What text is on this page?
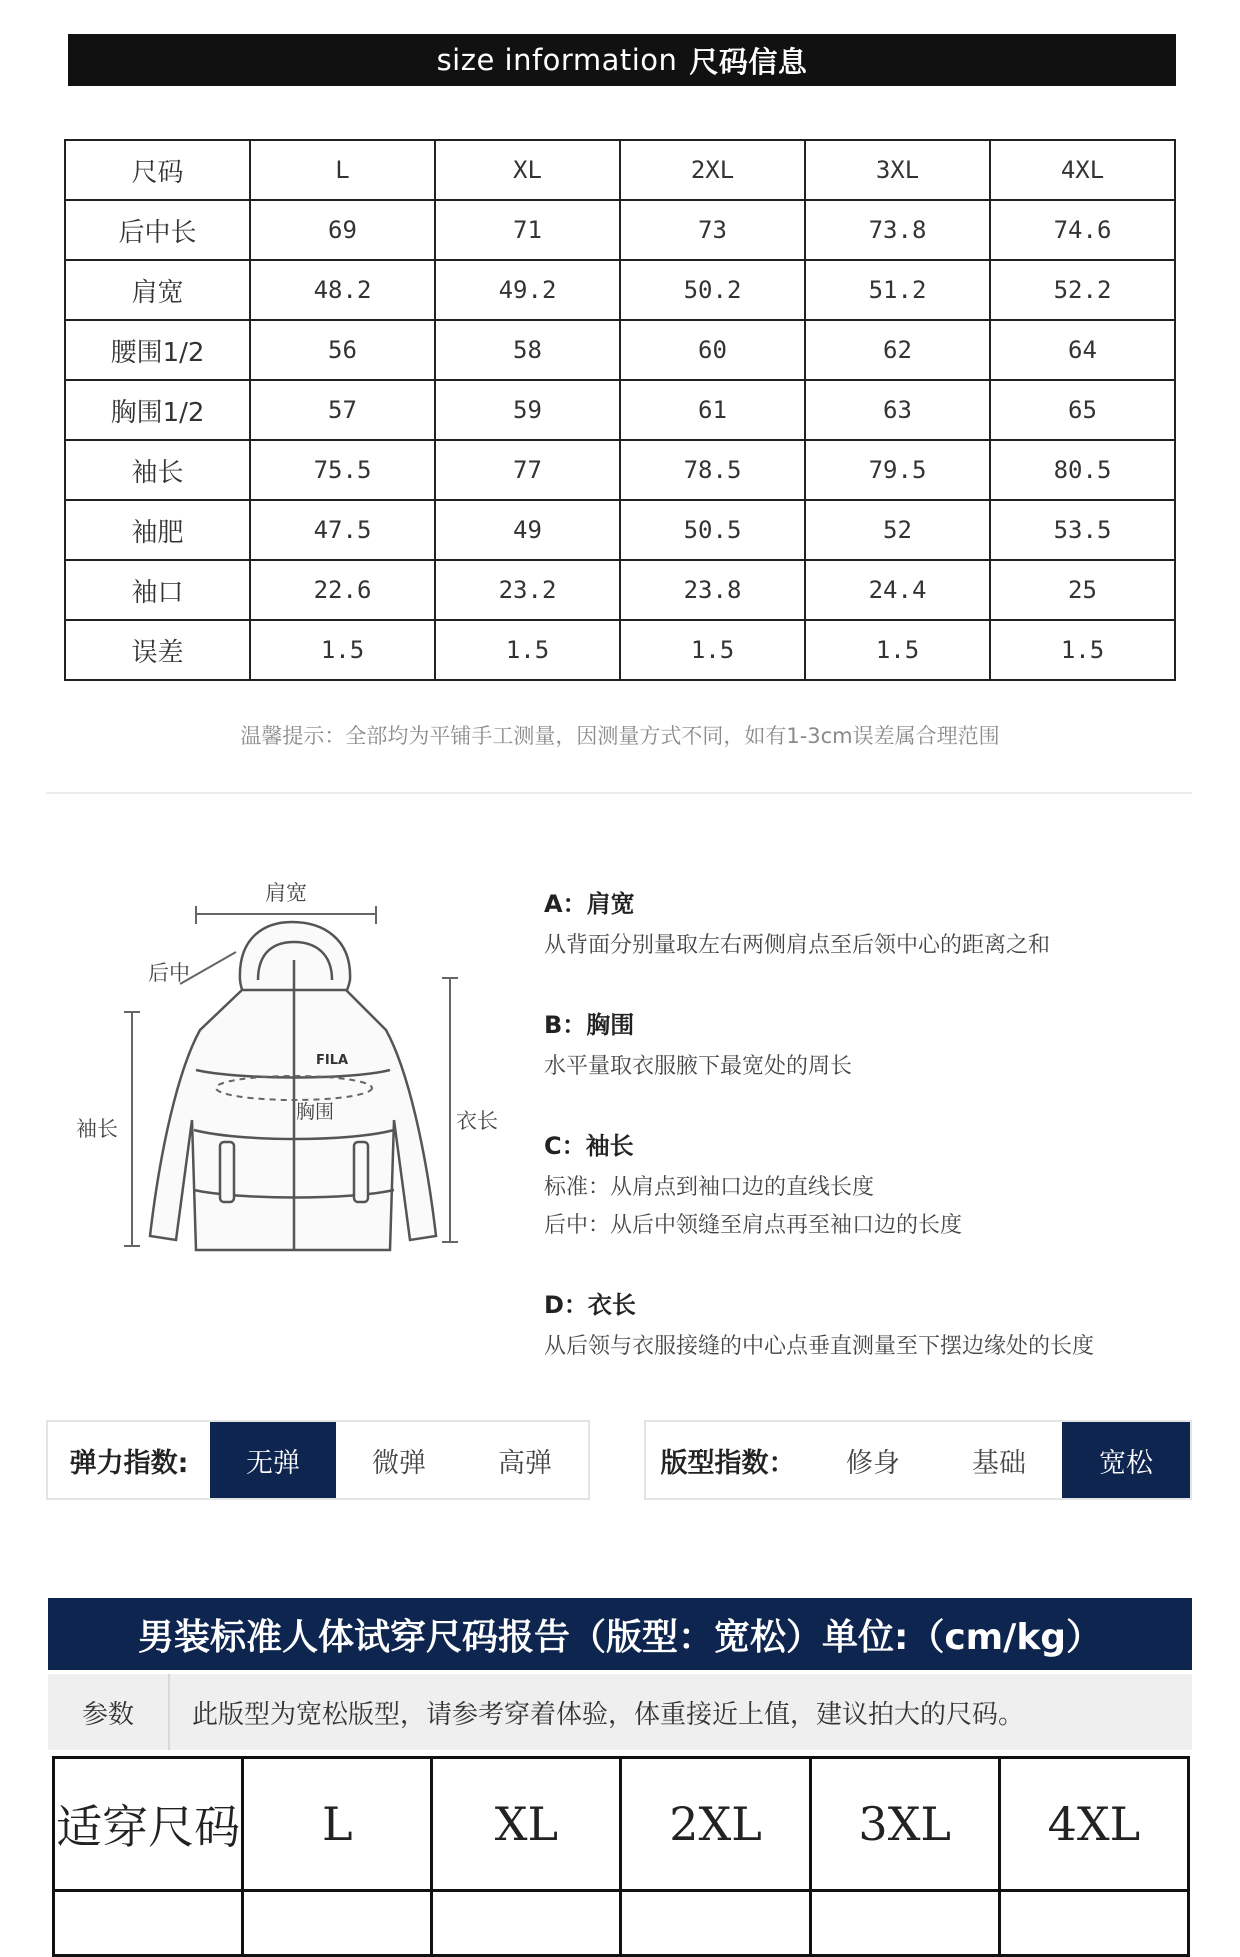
size information 尺码信息
尺码	L	XL	2XL	3XL	4XL
后中长	69	71	73	73.8	74.6
肩宽	48.2	49.2	50.2	51.2	52.2
腰围1/2	56	58	60	62	64
胸围1/2	57	59	61	63	65
袖长	75.5	77	78.5	79.5	80.5
袖肥	47.5	49	50.5	52	53.5
袖口	22.6	23.2	23.8	24.4	25
误差	1.5	1.5	1.5	1.5	1.5
温馨提示：全部均为平铺手工测量，因测量方式不同，如有1-3cm误差属合理范围
肩宽
后中
袖长
胸围	衣长
FILA
A：肩宽
从背面分别量取左右两侧肩点至后领中心的距离之和
B：胸围
水平量取衣服腋下最宽处的周长
C：袖长
标准：从肩点到袖口边的直线长度
后中：从后中领缝至肩点再至袖口边的长度
D：衣长
从后领与衣服接缝的中心点垂直测量至下摆边缘处的长度
弹力指数:	无弹	微弹	高弹	版型指数：	修身	基础	宽松
男装标准人体试穿尺码报告（版型：宽松）单位:（cm/kg）
参数	此版型为宽松版型，请参考穿着体验，体重接近上值，建议拍大的尺码。
适穿尺码	L	XL	2XL	3XL	4XL
